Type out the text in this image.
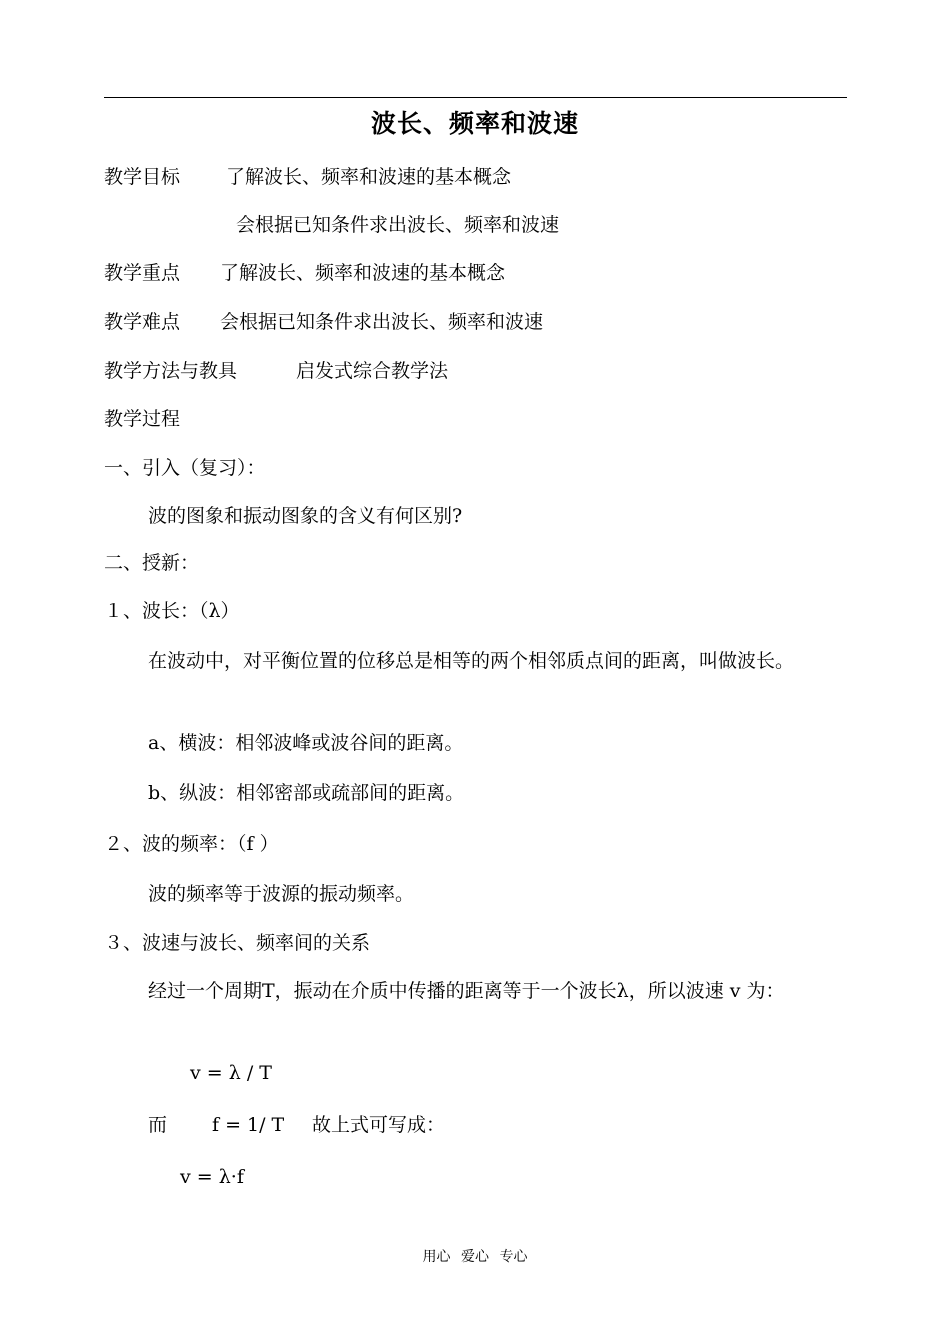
波长、频率和波速
教学目标 了解波长、频率和波速的基本概念
会根据已知条件求出波长、频率和波速
教学重点 了解波长、频率和波速的基本概念
教学难点 会根据已知条件求出波长、频率和波速
教学方法与教具	启发式综合教学法
教学过程
一、引入（复习）：
波的图象和振动图象的含义有何区别?
二、授新：
１、波长：（λ）
在波动中，对平衡位置的位移总是相等的两个相邻质点间的距离，叫做波长。
a、横波：相邻波峰或波谷间的距离。
b、纵波：相邻密部或疏部间的距离。
２、波的频率：（f ）
波的频率等于波源的振动频率。
３、波速与波长、频率间的关系
经过一个周期T，振动在介质中传播的距离等于一个波长λ，所以波速 v 为：
v = λ / T
而 f = 1/ T 故上式可写成：
v = λ·f
用心 爱心 专心
